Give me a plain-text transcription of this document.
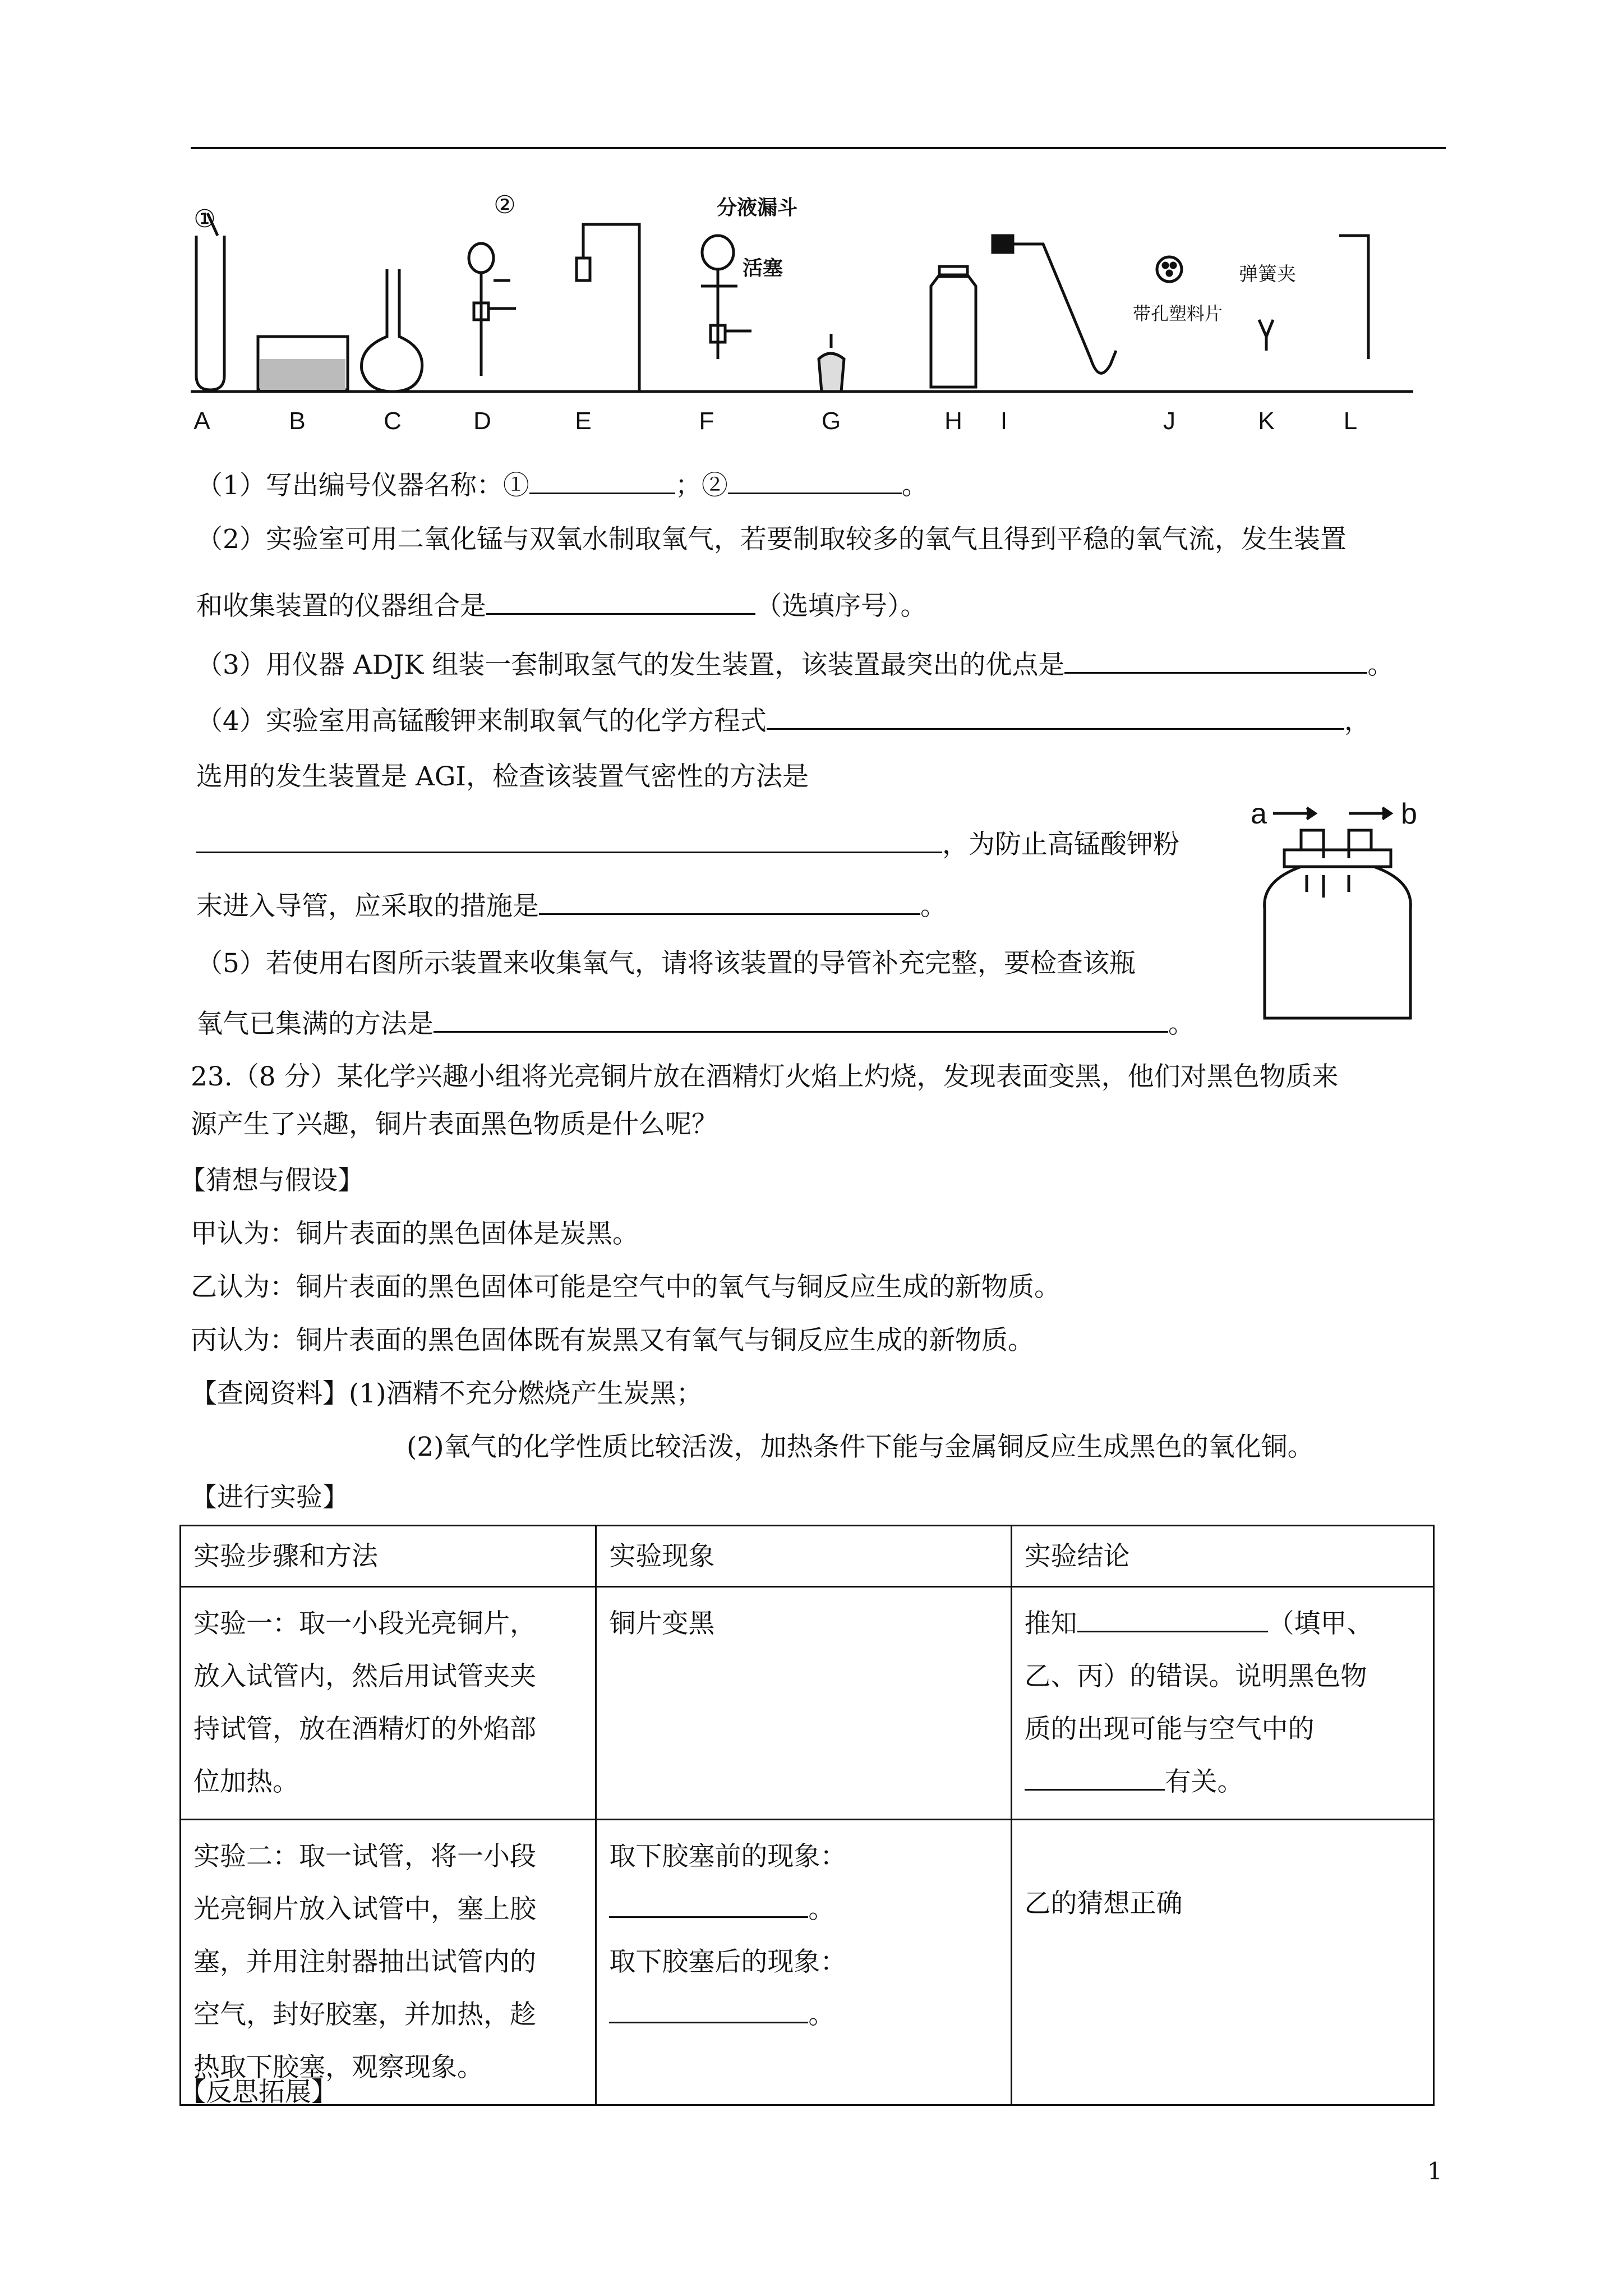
①
②	分液漏斗
活塞
带孔塑料片
弹簧夹
A	B	C	D	E	F	G	H I	J	K	L
（1）写出编号仪器名称：①	；②	。
（2）实验室可用二氧化锰与双氧水制取氧气，若要制取较多的氧气且得到平稳的氧气流，发生装置
和收集装置的仪器组合是	（选填序号）。
（3）用仪器 ADJK 组装一套制取氢气的发生装置，该装置最突出的优点是	。
（4）实验室用高锰酸钾来制取氧气的化学方程式	，
选用的发生装置是 AGI，检查该装置气密性的方法是
，为防止高锰酸钾粉
末进入导管，应采取的措施是	。
a	b
（5）若使用右图所示装置来收集氧气，请将该装置的导管补充完整，要检查该瓶
氧气已集满的方法是	。
23.（8 分）某化学兴趣小组将光亮铜片放在酒精灯火焰上灼烧，发现表面变黑，他们对黑色物质来
源产生了兴趣，铜片表面黑色物质是什么呢？
【猜想与假设】
甲认为：铜片表面的黑色固体是炭黑。
乙认为：铜片表面的黑色固体可能是空气中的氧气与铜反应生成的新物质。
丙认为：铜片表面的黑色固体既有炭黑又有氧气与铜反应生成的新物质。
【查阅资料】(1)酒精不充分燃烧产生炭黑；
(2)氧气的化学性质比较活泼，加热条件下能与金属铜反应生成黑色的氧化铜。
【进行实验】
实验步骤和方法	实验现象	实验结论

实验一：取一小段光亮铜片，
放入试管内，然后用试管夹夹
持试管，放在酒精灯的外焰部
位加热。	铜片变黑	推知 （填甲、
乙、丙）的错误。说明黑色物
质的出现可能与空气中的
有关。

实验二：取一试管，将一小段
光亮铜片放入试管中，塞上胶
塞，并用注射器抽出试管内的
空气，封好胶塞，并加热，趁
热取下胶塞，观察现象。	取下胶塞前的现象：
。
取下胶塞后的现象：
。	乙的猜想正确
【反思拓展】
1
